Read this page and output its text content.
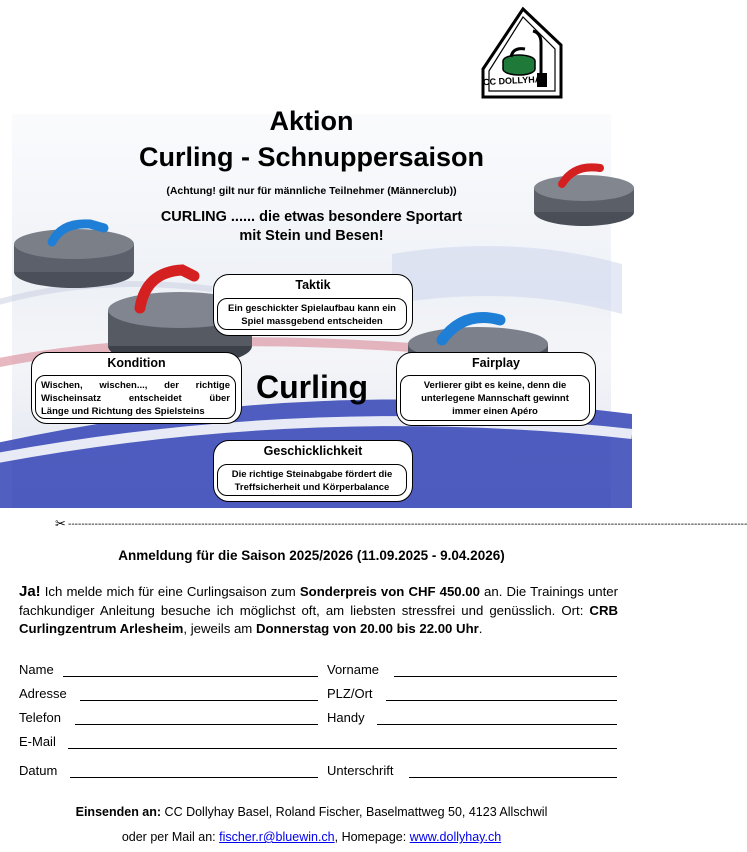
CC DOLLYHAY
Aktion
Curling - Schnuppersaison
(Achtung! gilt nur für männliche Teilnehmer (Männerclub))
CURLING ...... die etwas besondere Sportart
mit Stein und Besen!
Taktik
Ein geschickter Spielaufbau kann ein Spiel massgebend entscheiden
Kondition
Wischen, wischen..., der richtige
Wischeinsatz entscheidet über
Länge und Richtung des Spielsteins
Curling
Fairplay
Verlierer gibt es keine, denn die unterlegene Mannschaft gewinnt immer einen Apéro
Geschicklichkeit
Die richtige Steinabgabe fördert die Treffsicherheit und Körperbalance
✂ ------------------------------------------------------------------------------------------------------------------------------------------------------------------------------------------------------------
Anmeldung für die Saison 2025/2026 (11.09.2025 - 9.04.2026)
Ja! Ich melde mich für eine Curlingsaison zum Sonderpreis von CHF 450.00 an. Die Trainings unter fachkundiger Anleitung besuche ich möglichst oft, am liebsten stressfrei und genüsslich. Ort: CRB Curlingzentrum Arlesheim, jeweils am Donnerstag von 20.00 bis 22.00 Uhr.
Name	Vorname
Adresse	PLZ/Ort
Telefon	Handy
E-Mail
Datum	Unterschrift
Einsenden an: CC Dollyhay Basel, Roland Fischer, Baselmattweg 50, 4123 Allschwil
oder per Mail an: fischer.r@bluewin.ch, Homepage: www.dollyhay.ch
